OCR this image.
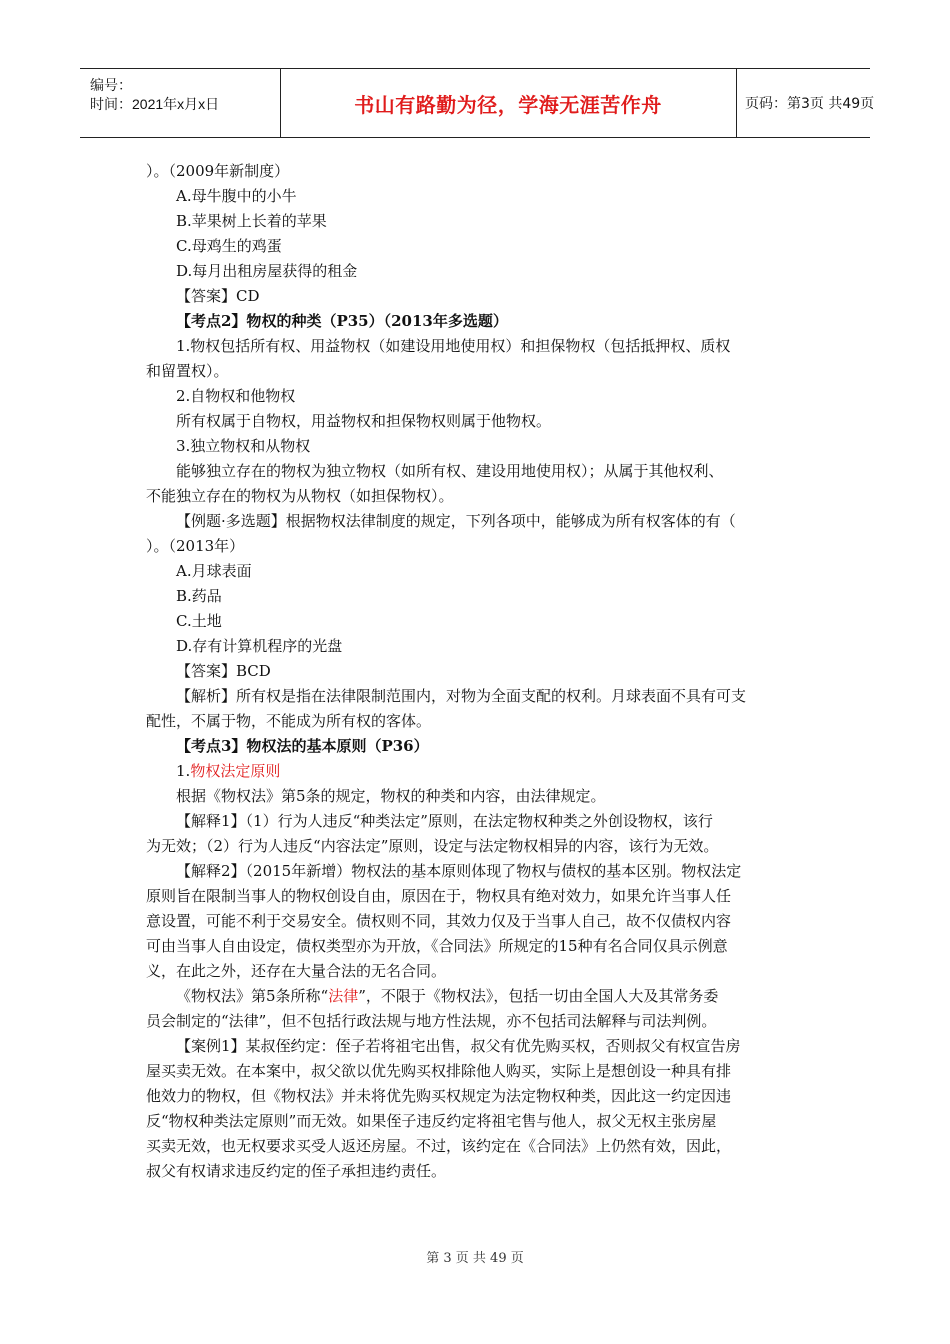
编号：
时间：2021年x月x日	书山有路勤为径，学海无涯苦作舟	页码：第3页 共49页
）。（2009年新制度）
A.母牛腹中的小牛
B.苹果树上长着的苹果
C.母鸡生的鸡蛋
D.每月出租房屋获得的租金
【答案】CD
【考点2】物权的种类（P35）（2013年多选题）
1.物权包括所有权、用益物权（如建设用地使用权）和担保物权（包括抵押权、质权
和留置权）。
2.自物权和他物权
所有权属于自物权，用益物权和担保物权则属于他物权。
3.独立物权和从物权
能够独立存在的物权为独立物权（如所有权、建设用地使用权）；从属于其他权利、
不能独立存在的物权为从物权（如担保物权）。
【例题·多选题】根据物权法律制度的规定，下列各项中，能够成为所有权客体的有（
）。（2013年）
A.月球表面
B.药品
C.土地
D.存有计算机程序的光盘
【答案】BCD
【解析】所有权是指在法律限制范围内，对物为全面支配的权利。月球表面不具有可支
配性，不属于物，不能成为所有权的客体。
【考点3】物权法的基本原则（P36）
1.物权法定原则
根据《物权法》第5条的规定，物权的种类和内容，由法律规定。
【解释1】（1）行为人违反“种类法定”原则，在法定物权种类之外创设物权，该行
为无效；（2）行为人违反“内容法定”原则，设定与法定物权相异的内容，该行为无效。
【解释2】（2015年新增）物权法的基本原则体现了物权与债权的基本区别。物权法定
原则旨在限制当事人的物权创设自由，原因在于，物权具有绝对效力，如果允许当事人任
意设置，可能不利于交易安全。债权则不同，其效力仅及于当事人自己，故不仅债权内容
可由当事人自由设定，债权类型亦为开放，《合同法》所规定的15种有名合同仅具示例意
义，在此之外，还存在大量合法的无名合同。
《物权法》第5条所称“法律”，不限于《物权法》，包括一切由全国人大及其常务委
员会制定的“法律”，但不包括行政法规与地方性法规，亦不包括司法解释与司法判例。
【案例1】某叔侄约定：侄子若将祖宅出售，叔父有优先购买权，否则叔父有权宣告房
屋买卖无效。在本案中，叔父欲以优先购买权排除他人购买，实际上是想创设一种具有排
他效力的物权，但《物权法》并未将优先购买权规定为法定物权种类，因此这一约定因违
反“物权种类法定原则”而无效。如果侄子违反约定将祖宅售与他人，叔父无权主张房屋
买卖无效，也无权要求买受人返还房屋。不过，该约定在《合同法》上仍然有效，因此，
叔父有权请求违反约定的侄子承担违约责任。
第 3 页 共 49 页
